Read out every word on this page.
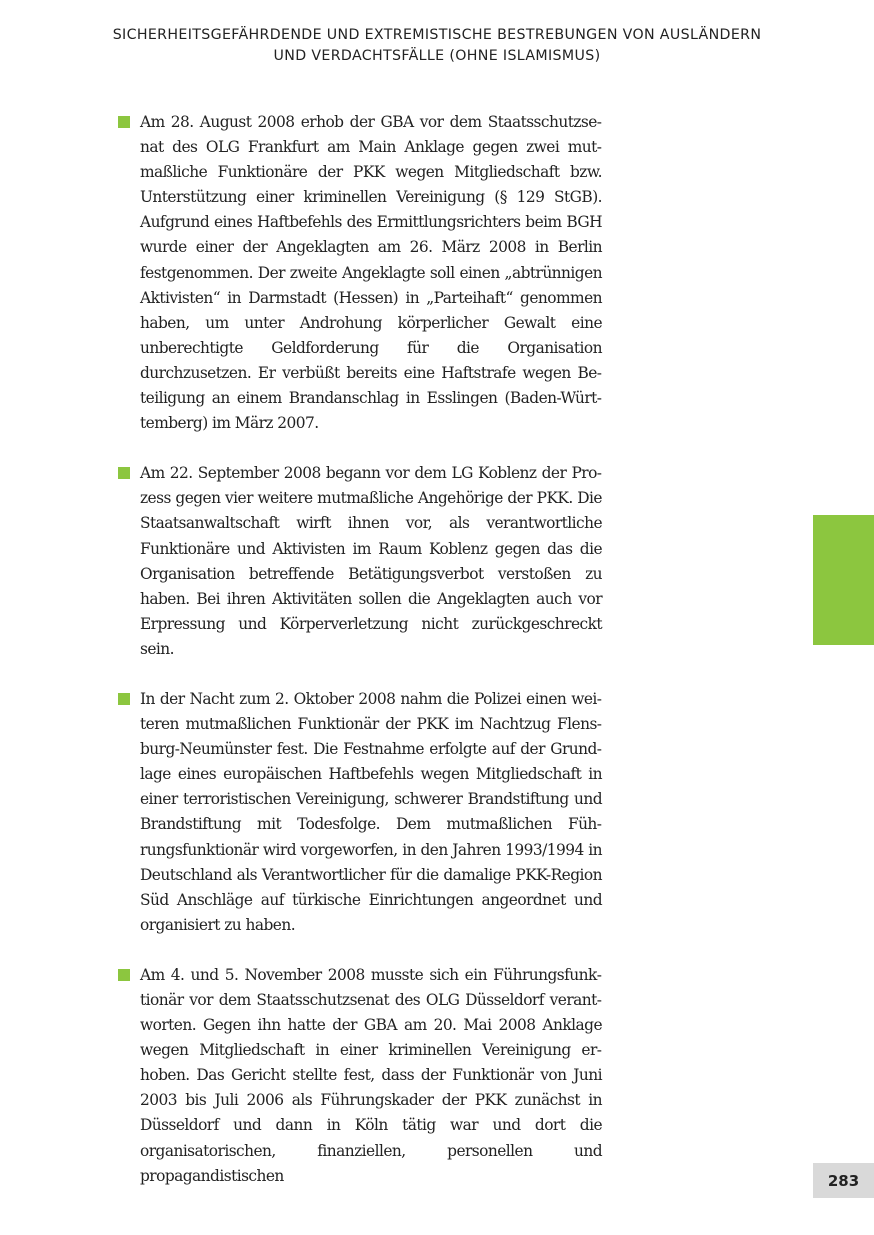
SICHERHEITSGEFÄHRDENDE UND EXTREMISTISCHE BESTREBUNGEN VON AUSLÄNDERN
UND VERDACHTSFÄLLE (OHNE ISLAMISMUS)

Am 28. August 2008 erhob der GBA vor dem Staatsschutzsenat des OLG Frankfurt am Main Anklage gegen zwei mutmaßliche Funktionäre der PKK wegen Mitgliedschaft bzw. Unterstützung einer kriminellen Vereinigung (§ 129 StGB). Aufgrund eines Haftbefehls des Ermittlungsrichters beim BGH wurde einer der Angeklagten am 26. März 2008 in Berlin festgenommen. Der zweite Angeklagte soll einen „abtrünnigen Aktivisten“ in Darmstadt (Hessen) in „Parteihaft“ genommen haben, um unter Androhung körperlicher Gewalt eine unberechtigte Geldforderung für die Organisation durchzusetzen. Er verbüßt bereits eine Haftstrafe wegen Beteiligung an einem Brandanschlag in Esslingen (Baden-Württemberg) im März 2007.

Am 22. September 2008 begann vor dem LG Koblenz der Prozess gegen vier weitere mutmaßliche Angehörige der PKK. Die Staatsanwaltschaft wirft ihnen vor, als verantwortliche Funktionäre und Aktivisten im Raum Koblenz gegen das die Organisation betreffende Betätigungsverbot verstoßen zu haben. Bei ihren Aktivitäten sollen die Angeklagten auch vor Erpressung und Körperverletzung nicht zurückgeschreckt sein.

In der Nacht zum 2. Oktober 2008 nahm die Polizei einen weiteren mutmaßlichen Funktionär der PKK im Nachtzug Flensburg-Neumünster fest. Die Festnahme erfolgte auf der Grundlage eines europäischen Haftbefehls wegen Mitgliedschaft in einer terroristischen Vereinigung, schwerer Brandstiftung und Brandstiftung mit Todesfolge. Dem mutmaßlichen Führungsfunktionär wird vorgeworfen, in den Jahren 1993/1994 in Deutschland als Verantwortlicher für die damalige PKK-Region Süd Anschläge auf türkische Einrichtungen angeordnet und organisiert zu haben.

Am 4. und 5. November 2008 musste sich ein Führungsfunktionär vor dem Staatsschutzsenat des OLG Düsseldorf verantworten. Gegen ihn hatte der GBA am 20. Mai 2008 Anklage wegen Mitgliedschaft in einer kriminellen Vereinigung erhoben. Das Gericht stellte fest, dass der Funktionär von Juni 2003 bis Juli 2006 als Führungskader der PKK zunächst in Düsseldorf und dann in Köln tätig war und dort die organisatorischen, finanziellen, personellen und propagandistischen	283
